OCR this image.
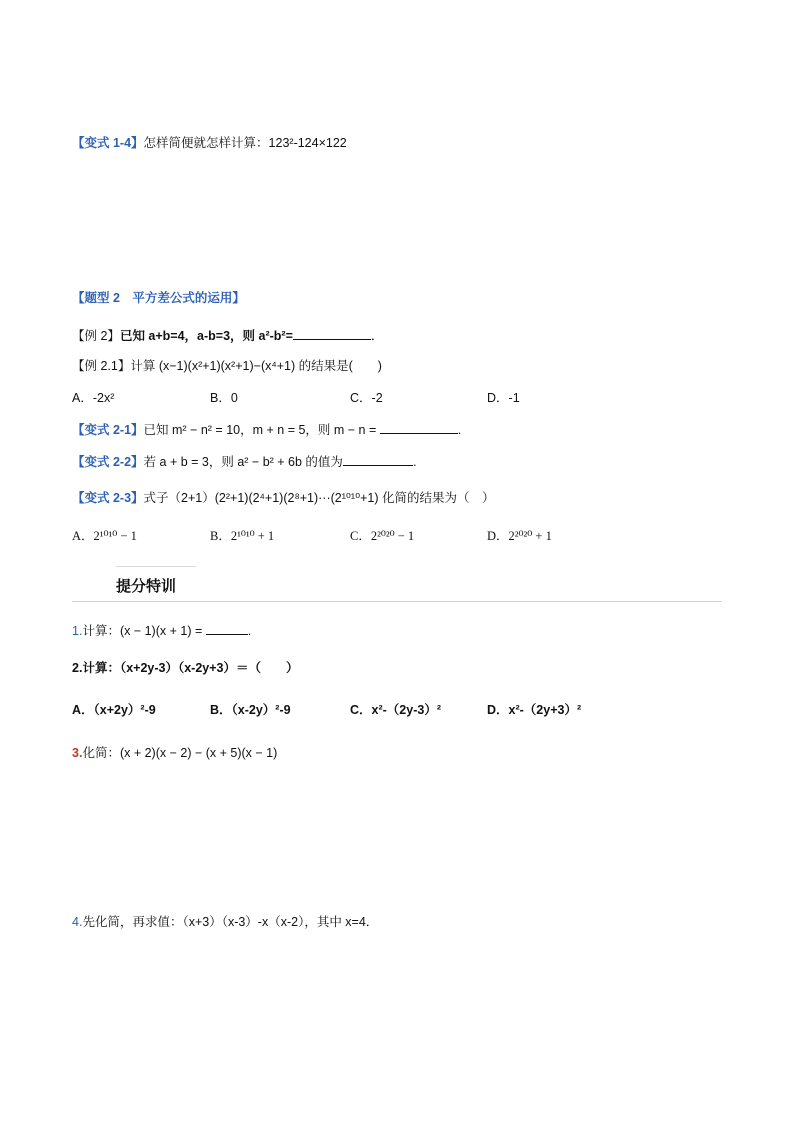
【变式 1-4】怎样简便就怎样计算：123²-124×122
【题型 2　平方差公式的运用】
【例 2】已知 a+b=4，a-b=3，则 a²-b²=	．
【例 2.1】计算 (x−1)(x²+1)(x²+1)−(x⁴+1) 的结果是(　　)
A．-2x²	B．0	C．-2	D．-1
【变式 2-1】已知 m² − n² = 10，m + n = 5，则 m − n =	.
【变式 2-2】若 a + b = 3，则 a² − b² + 6b 的值为	.
【变式 2-3】式子（2+1）(2²+1)(2⁴+1)(2⁸+1)···(2¹⁰¹⁰+1) 化简的结果为（　）
A．2¹⁰¹⁰ − 1	B．2¹⁰¹⁰ + 1	C．2²⁰²⁰ − 1	D．2²⁰²⁰ + 1
提分特训
1.计算：(x − 1)(x + 1) =	.
2.计算：（x+2y-3）（x-2y+3）＝（　　）
A．（x+2y）²-9	B．（x-2y）²-9	C．x²-（2y-3）²	D．x²-（2y+3）²
3.化简：(x + 2)(x − 2) − (x + 5)(x − 1)
4.先化简，再求值：（x+3）（x-3）-x（x-2），其中 x=4．
